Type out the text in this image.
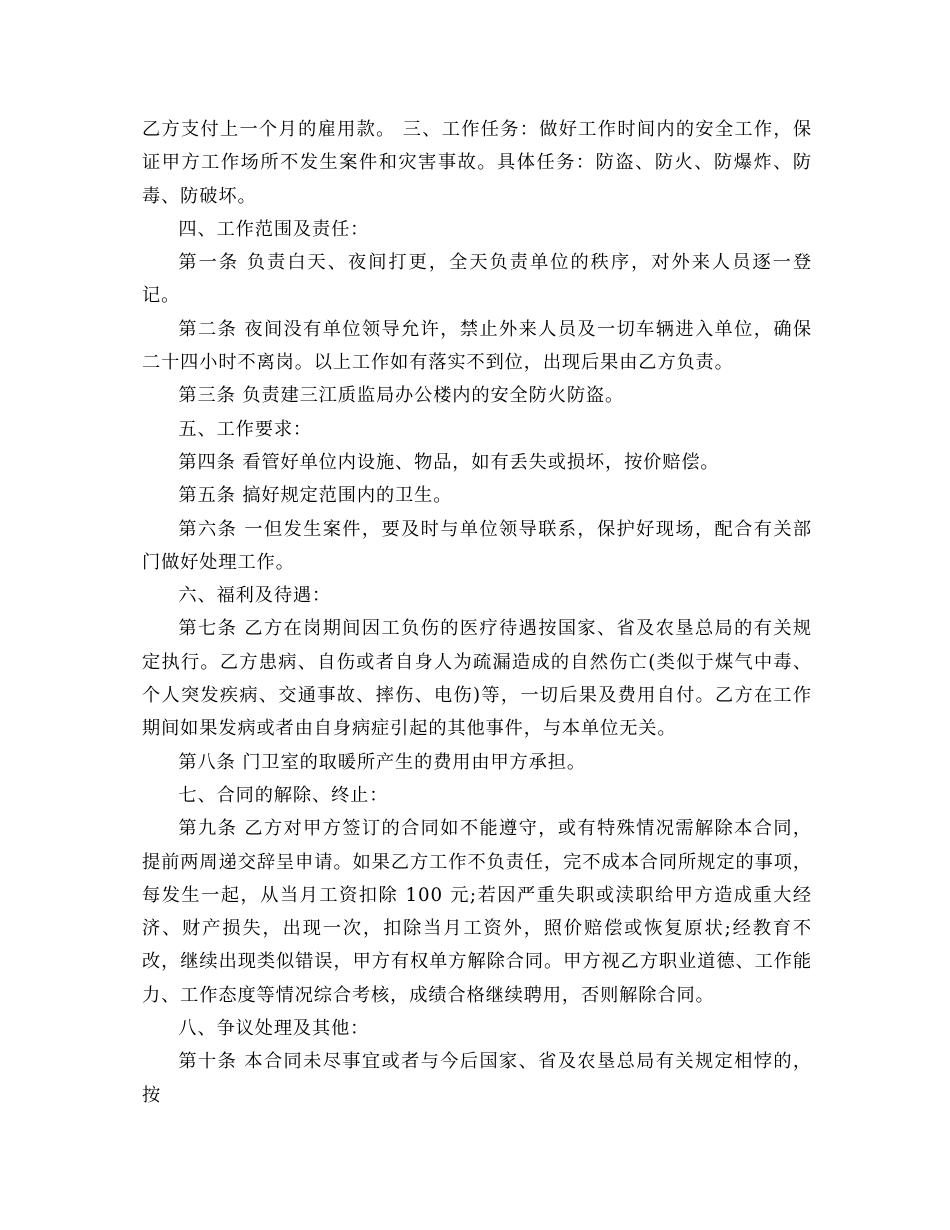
乙方支付上一个月的雇用款。 三、工作任务：做好工作时间内的安全工作，保证甲方工作场所不发生案件和灾害事故。具体任务：防盗、防火、防爆炸、防毒、防破坏。

四、工作范围及责任：

第一条 负责白天、夜间打更，全天负责单位的秩序，对外来人员逐一登记。

第二条 夜间没有单位领导允许，禁止外来人员及一切车辆进入单位，确保二十四小时不离岗。以上工作如有落实不到位，出现后果由乙方负责。

第三条 负责建三江质监局办公楼内的安全防火防盗。

五、工作要求：

第四条 看管好单位内设施、物品，如有丢失或损坏，按价赔偿。

第五条 搞好规定范围内的卫生。

第六条 一但发生案件，要及时与单位领导联系，保护好现场，配合有关部门做好处理工作。

六、福利及待遇：

第七条 乙方在岗期间因工负伤的医疗待遇按国家、省及农垦总局的有关规定执行。乙方患病、自伤或者自身人为疏漏造成的自然伤亡(类似于煤气中毒、个人突发疾病、交通事故、摔伤、电伤)等，一切后果及费用自付。乙方在工作期间如果发病或者由自身病症引起的其他事件，与本单位无关。

第八条 门卫室的取暖所产生的费用由甲方承担。

七、合同的解除、终止：

第九条 乙方对甲方签订的合同如不能遵守，或有特殊情况需解除本合同，提前两周递交辞呈申请。如果乙方工作不负责任，完不成本合同所规定的事项，每发生一起，从当月工资扣除 100 元;若因严重失职或渎职给甲方造成重大经济、财产损失，出现一次，扣除当月工资外，照价赔偿或恢复原状;经教育不改，继续出现类似错误，甲方有权单方解除合同。甲方视乙方职业道德、工作能力、工作态度等情况综合考核，成绩合格继续聘用，否则解除合同。

八、争议处理及其他：

第十条 本合同未尽事宜或者与今后国家、省及农垦总局有关规定相悖的，按
